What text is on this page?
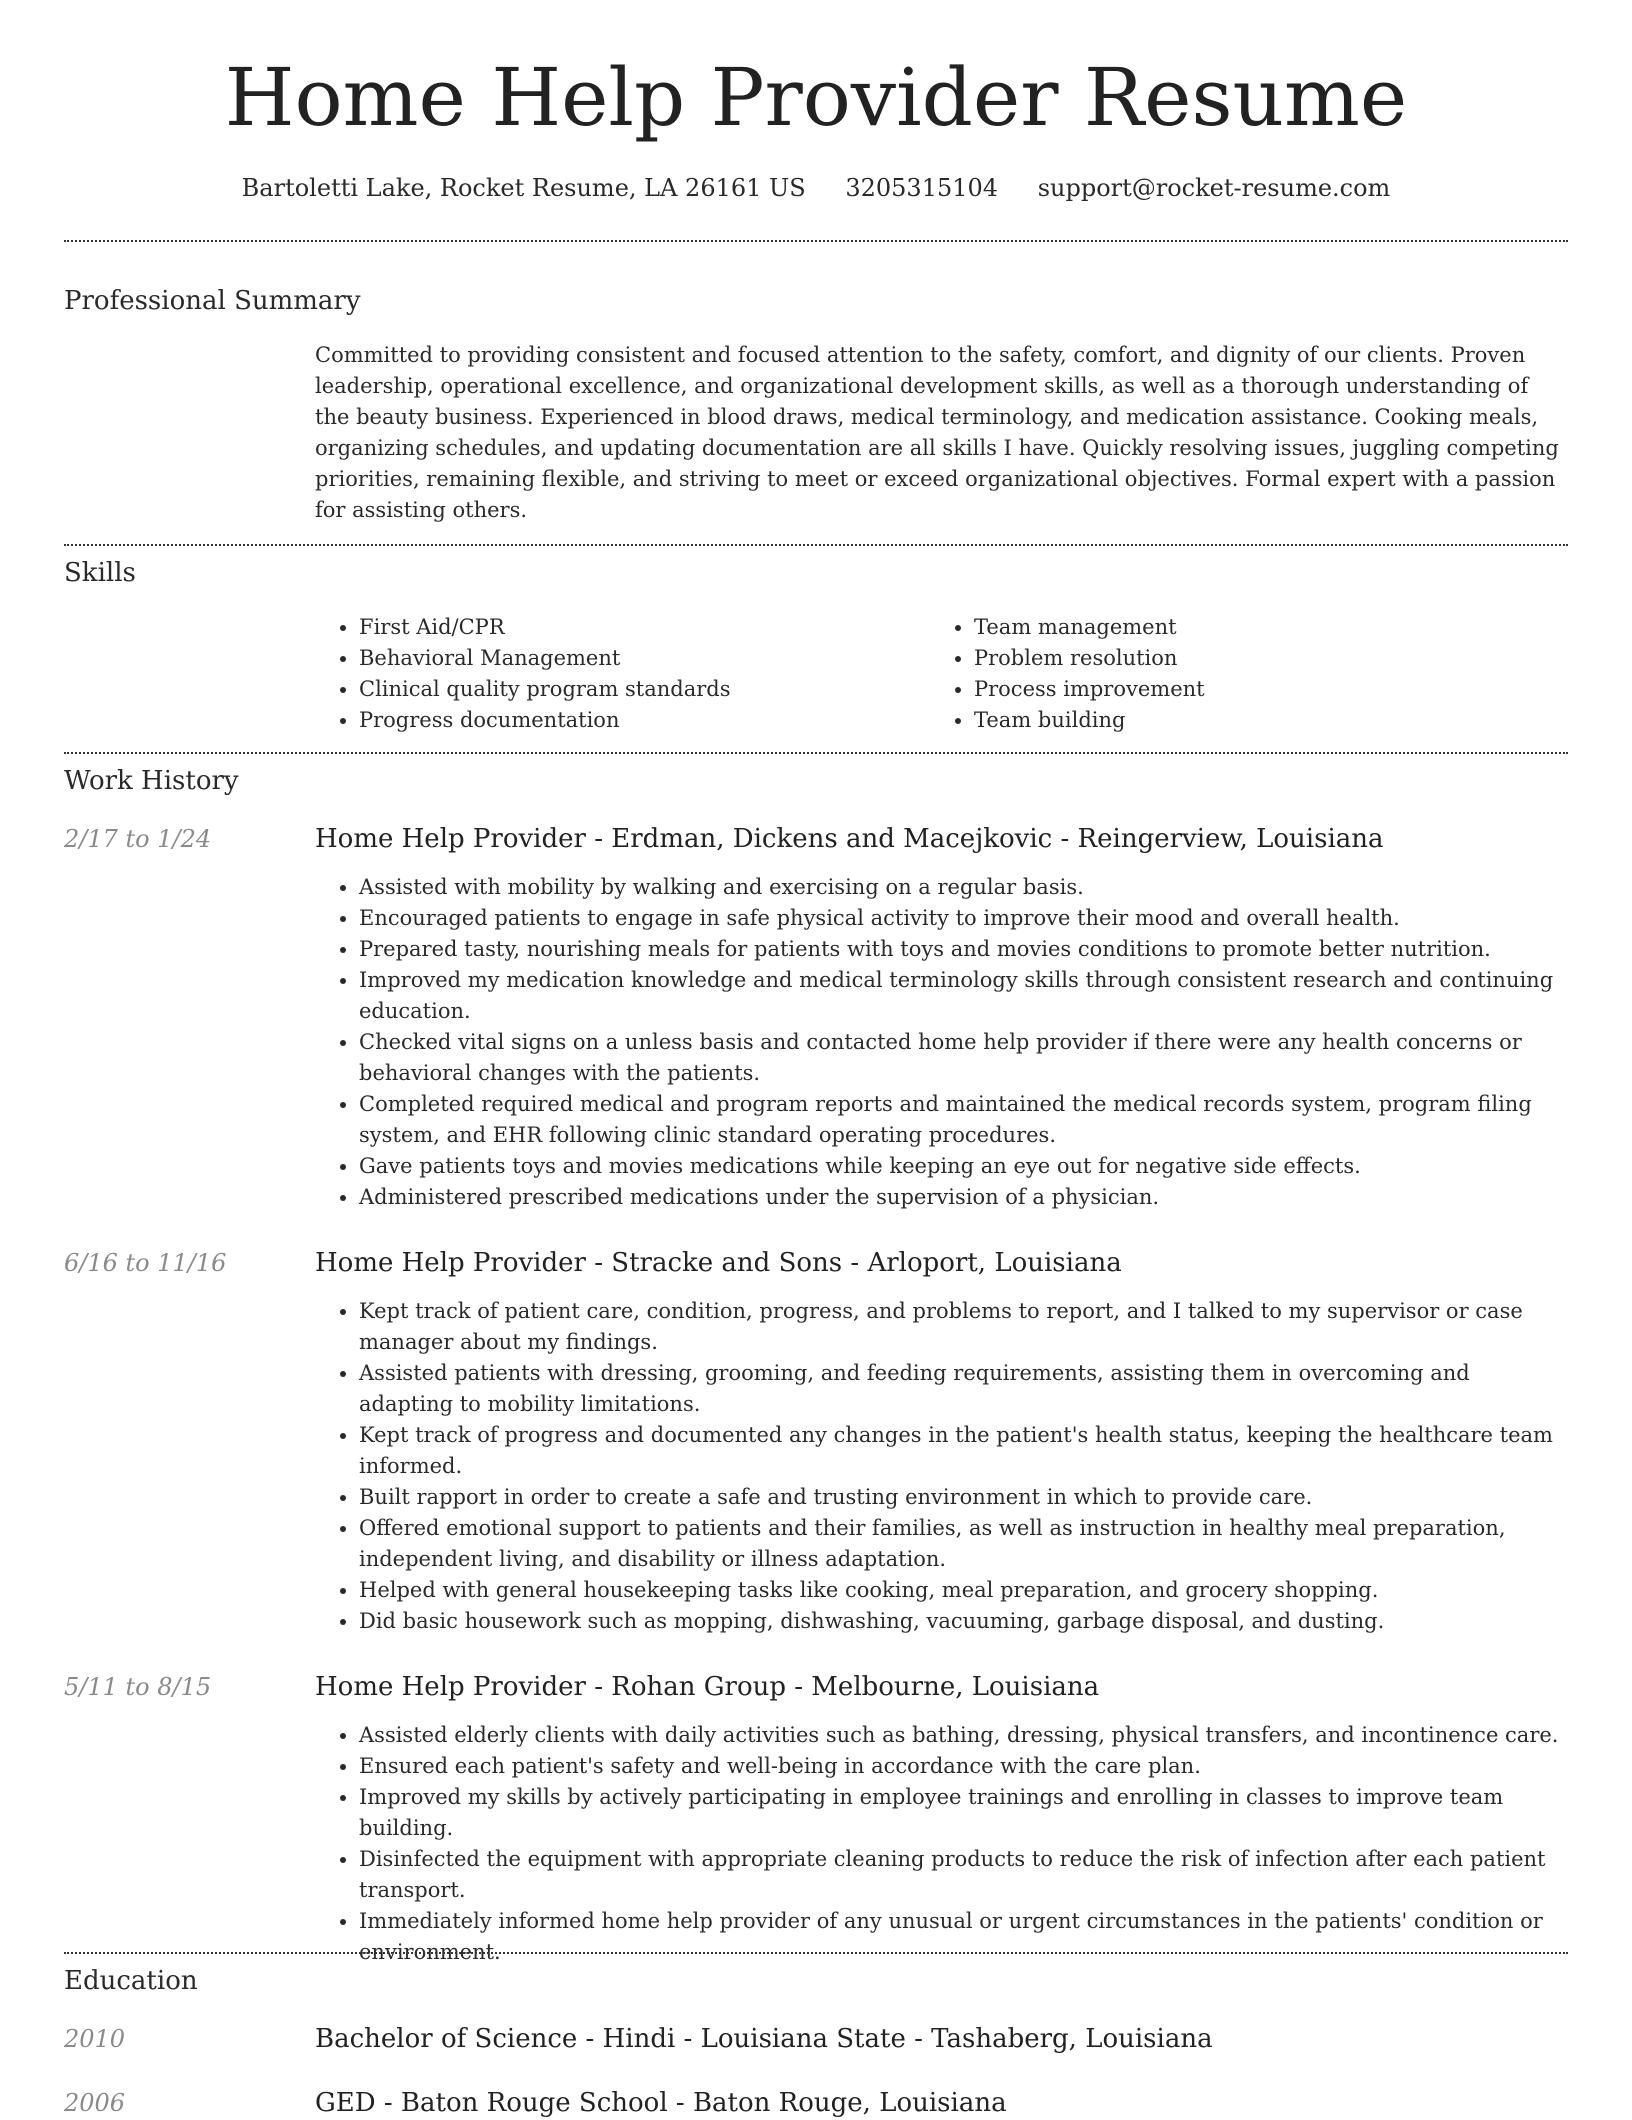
Home Help Provider Resume
Bartoletti Lake, Rocket Resume, LA 26161 US 3205315104 support@rocket-resume.com
Professional Summary

Committed to providing consistent and focused attention to the safety, comfort, and dignity of our clients. Proven leadership, operational excellence, and organizational development skills, as well as a thorough understanding of the beauty business. Experienced in blood draws, medical terminology, and medication assistance. Cooking meals, organizing schedules, and updating documentation are all skills I have. Quickly resolving issues, juggling competing priorities, remaining flexible, and striving to meet or exceed organizational objectives. Formal expert with a passion for assisting others.

Skills
• First Aid/CPR
• Behavioral Management
• Clinical quality program standards
• Progress documentation
• Team management
• Problem resolution
• Process improvement
• Team building
Work History
2/17 to 1/24	Home Help Provider - Erdman, Dickens and Macejkovic - Reingerview, Louisiana
• Assisted with mobility by walking and exercising on a regular basis.
• Encouraged patients to engage in safe physical activity to improve their mood and overall health.
• Prepared tasty, nourishing meals for patients with toys and movies conditions to promote better nutrition.
• Improved my medication knowledge and medical terminology skills through consistent research and continuing education.
• Checked vital signs on a unless basis and contacted home help provider if there were any health concerns or behavioral changes with the patients.
• Completed required medical and program reports and maintained the medical records system, program filing system, and EHR following clinic standard operating procedures.
• Gave patients toys and movies medications while keeping an eye out for negative side effects.
• Administered prescribed medications under the supervision of a physician.
6/16 to 11/16	Home Help Provider - Stracke and Sons - Arloport, Louisiana
• Kept track of patient care, condition, progress, and problems to report, and I talked to my supervisor or case manager about my findings.
• Assisted patients with dressing, grooming, and feeding requirements, assisting them in overcoming and adapting to mobility limitations.
• Kept track of progress and documented any changes in the patient's health status, keeping the healthcare team informed.
• Built rapport in order to create a safe and trusting environment in which to provide care.
• Offered emotional support to patients and their families, as well as instruction in healthy meal preparation, independent living, and disability or illness adaptation.
• Helped with general housekeeping tasks like cooking, meal preparation, and grocery shopping.
• Did basic housework such as mopping, dishwashing, vacuuming, garbage disposal, and dusting.
5/11 to 8/15	Home Help Provider - Rohan Group - Melbourne, Louisiana
• Assisted elderly clients with daily activities such as bathing, dressing, physical transfers, and incontinence care.
• Ensured each patient's safety and well-being in accordance with the care plan.
• Improved my skills by actively participating in employee trainings and enrolling in classes to improve team building.
• Disinfected the equipment with appropriate cleaning products to reduce the risk of infection after each patient transport.
• Immediately informed home help provider of any unusual or urgent circumstances in the patients' condition or environment.
Education
2010	Bachelor of Science - Hindi - Louisiana State - Tashaberg, Louisiana
2006	GED - Baton Rouge School - Baton Rouge, Louisiana
